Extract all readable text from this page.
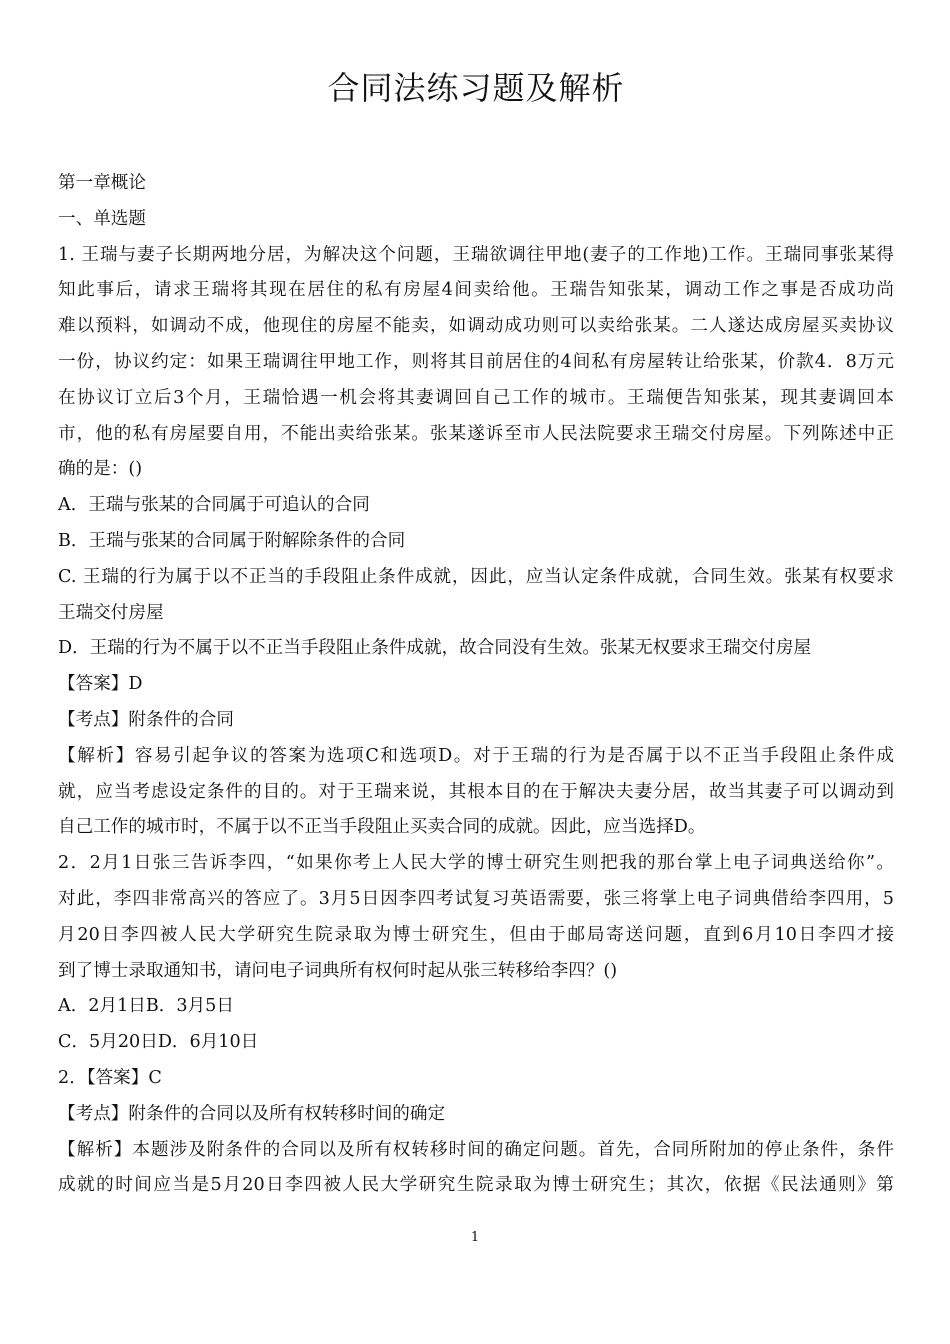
合同法练习题及解析
第一章概论
一、单选题
1. 王瑞与妻子长期两地分居，为解决这个问题，王瑞欲调往甲地(妻子的工作地)工作。王瑞同事张某得
知此事后，请求王瑞将其现在居住的私有房屋4间卖给他。王瑞告知张某，调动工作之事是否成功尚
难以预料，如调动不成，他现住的房屋不能卖，如调动成功则可以卖给张某。二人遂达成房屋买卖协议
一份，协议约定：如果王瑞调往甲地工作，则将其目前居住的4间私有房屋转让给张某，价款4．8万元
在协议订立后3个月，王瑞恰遇一机会将其妻调回自己工作的城市。王瑞便告知张某，现其妻调回本
市，他的私有房屋要自用，不能出卖给张某。张某遂诉至市人民法院要求王瑞交付房屋。下列陈述中正
确的是：()
A．王瑞与张某的合同属于可追认的合同
B．王瑞与张某的合同属于附解除条件的合同
C. 王瑞的行为属于以不正当的手段阻止条件成就，因此，应当认定条件成就，合同生效。张某有权要求
王瑞交付房屋
D．王瑞的行为不属于以不正当手段阻止条件成就，故合同没有生效。张某无权要求王瑞交付房屋
【答案】D
【考点】附条件的合同
【解析】容易引起争议的答案为选项C和选项D。对于王瑞的行为是否属于以不正当手段阻止条件成
就，应当考虑设定条件的目的。对于王瑞来说，其根本目的在于解决夫妻分居，故当其妻子可以调动到
自己工作的城市时，不属于以不正当手段阻止买卖合同的成就。因此，应当选择D。
2．2月1日张三告诉李四，“如果你考上人民大学的博士研究生则把我的那台掌上电子词典送给你”。
对此，李四非常高兴的答应了。3月5日因李四考试复习英语需要，张三将掌上电子词典借给李四用，5
月20日李四被人民大学研究生院录取为博士研究生，但由于邮局寄送问题，直到6月10日李四才接
到了博士录取通知书，请问电子词典所有权何时起从张三转移给李四？()
A．2月1日B．3月5日
C．5月20日D．6月10日
2．【答案】C
【考点】附条件的合同以及所有权转移时间的确定
【解析】本题涉及附条件的合同以及所有权转移时间的确定问题。首先，合同所附加的停止条件，条件
成就的时间应当是5月20日李四被人民大学研究生院录取为博士研究生；其次，依据《民法通则》第
1
